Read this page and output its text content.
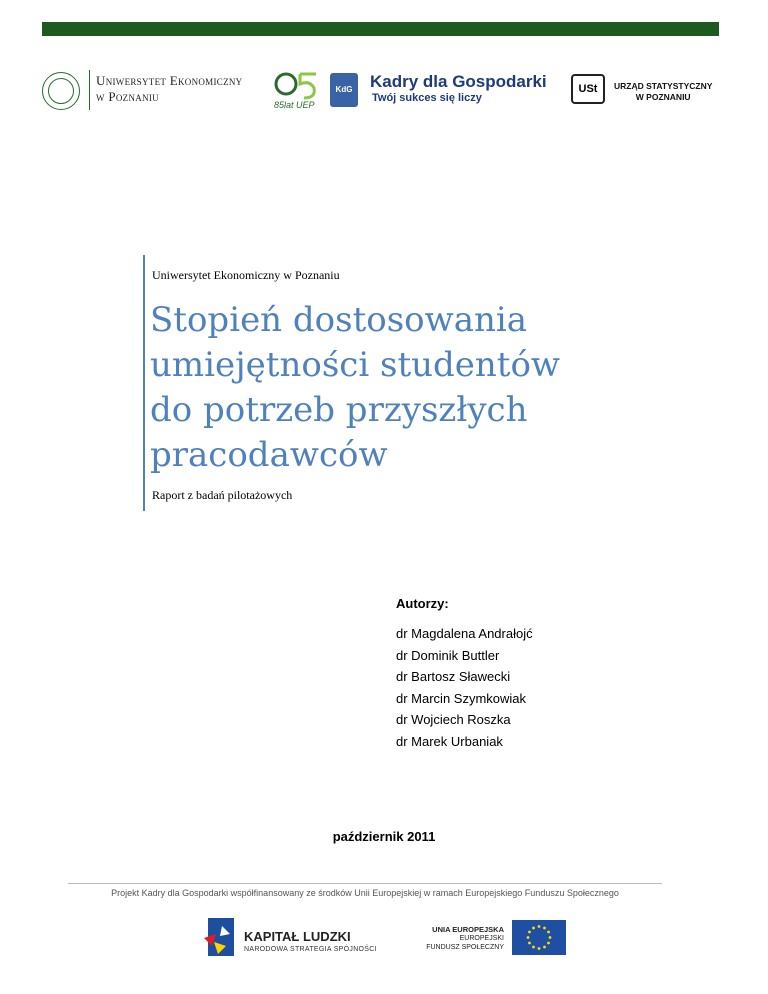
Uniwersytet Ekonomiczny
w Poznaniu
85lat UEP
KdG	Kadry dla Gospodarki
Twój sukces się liczy
USt	URZĄD STATYSTYCZNY
W POZNANIU
Uniwersytet Ekonomiczny w Poznaniu
Stopień dostosowania
umiejętności studentów
do potrzeb przyszłych
pracodawców
Raport z badań pilotażowych
Autorzy:
dr Magdalena Andrałojć
dr Dominik Buttler
dr Bartosz Sławecki
dr Marcin Szymkowiak
dr Wojciech Roszka
dr Marek Urbaniak
październik 2011
Projekt Kadry dla Gospodarki współfinansowany ze środków Unii Europejskiej w ramach Europejskiego Funduszu Społecznego
KAPITAŁ LUDZKI
NARODOWA STRATEGIA SPÓJNOŚCI
UNIA EUROPEJSKA
EUROPEJSKI
FUNDUSZ SPOŁECZNY
